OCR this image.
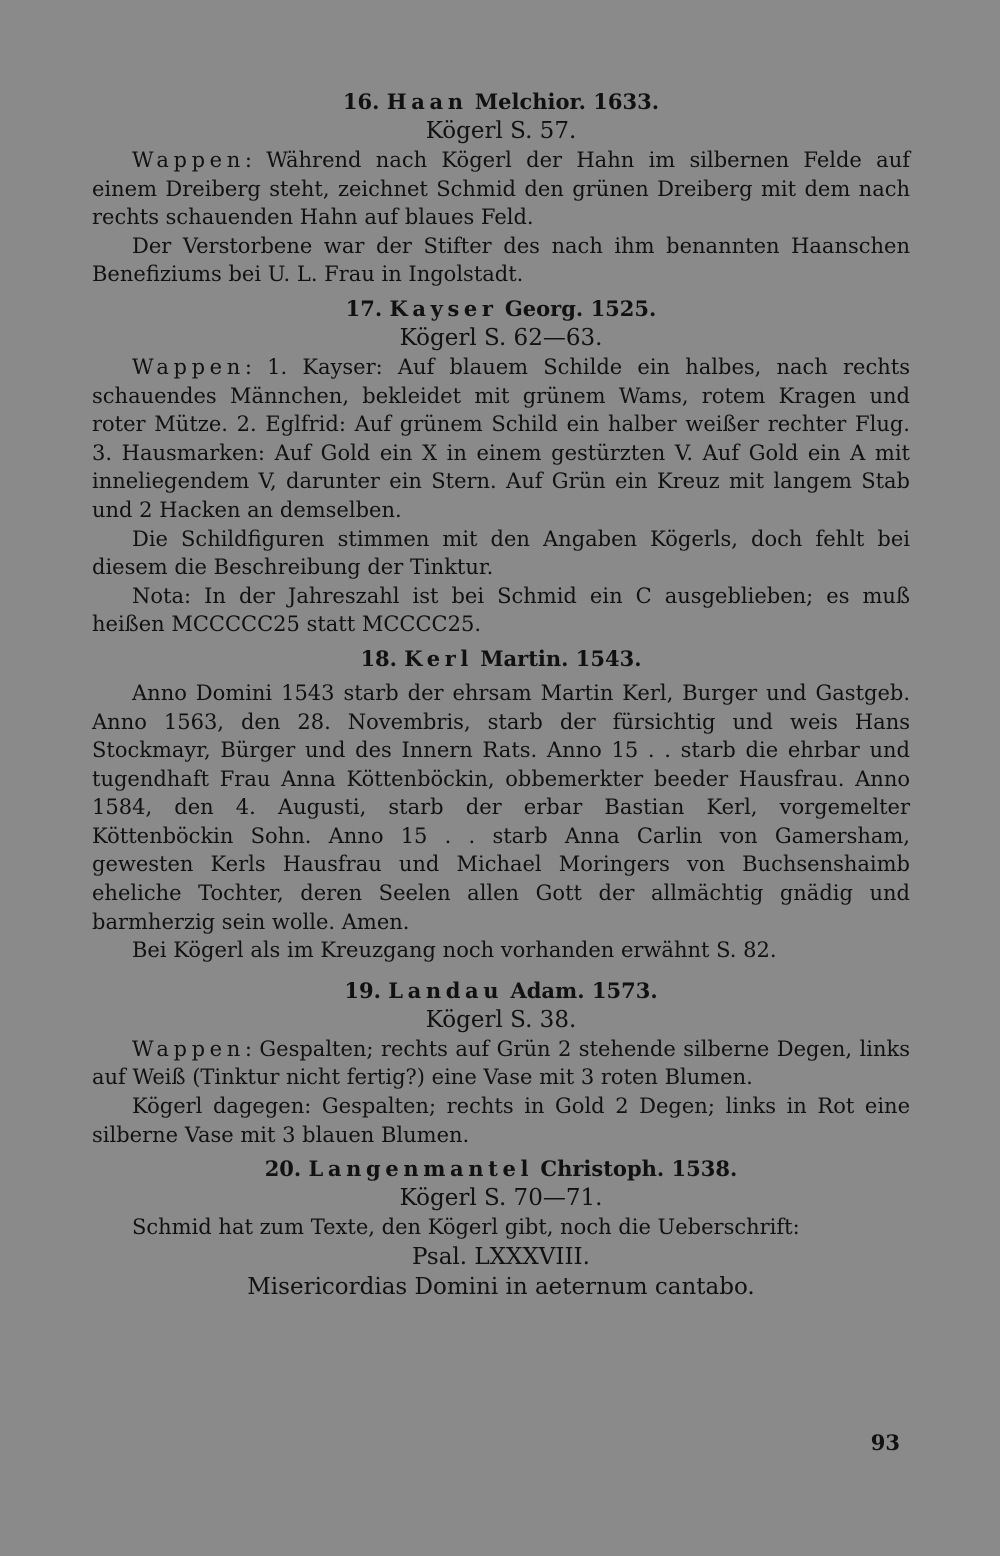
16. Haan Melchior. 1633.
Kögerl S. 57.

Wappen: Während nach Kögerl der Hahn im silbernen Felde auf einem Dreiberg steht, zeichnet Schmid den grünen Dreiberg mit dem nach rechts schauenden Hahn auf blaues Feld.

Der Verstorbene war der Stifter des nach ihm benannten Haanschen Benefiziums bei U. L. Frau in Ingolstadt.

17. Kayser Georg. 1525.
Kögerl S. 62—63.

Wappen: 1. Kayser: Auf blauem Schilde ein halbes, nach rechts schauendes Männchen, bekleidet mit grünem Wams, rotem Kragen und roter Mütze. 2. Eglfrid: Auf grünem Schild ein halber weißer rechter Flug. 3. Hausmarken: Auf Gold ein X in einem gestürzten V. Auf Gold ein A mit inneliegendem V, darunter ein Stern. Auf Grün ein Kreuz mit langem Stab und 2 Hacken an demselben.

Die Schildfiguren stimmen mit den Angaben Kögerls, doch fehlt bei diesem die Beschreibung der Tinktur.

Nota: In der Jahreszahl ist bei Schmid ein C ausgeblieben; es muß heißen MCCCCC25 statt MCCCC25.

18. Kerl Martin. 1543.

Anno Domini 1543 starb der ehrsam Martin Kerl, Burger und Gastgeb. Anno 1563, den 28. Novembris, starb der fürsichtig und weis Hans Stockmayr, Bürger und des Innern Rats. Anno 15 . . starb die ehrbar und tugendhaft Frau Anna Köttenböckin, obbemerkter beeder Hausfrau. Anno 1584, den 4. Augusti, starb der erbar Bastian Kerl, vorgemelter Köttenböckin Sohn. Anno 15 . . starb Anna Carlin von Gamersham, gewesten Kerls Hausfrau und Michael Moringers von Buchsenshaimb eheliche Tochter, deren Seelen allen Gott der allmächtig gnädig und barmherzig sein wolle. Amen.

Bei Kögerl als im Kreuzgang noch vorhanden erwähnt S. 82.

19. Landau Adam. 1573.
Kögerl S. 38.

Wappen: Gespalten; rechts auf Grün 2 stehende silberne Degen, links auf Weiß (Tinktur nicht fertig?) eine Vase mit 3 roten Blumen.

Kögerl dagegen: Gespalten; rechts in Gold 2 Degen; links in Rot eine silberne Vase mit 3 blauen Blumen.

20. Langenmantel Christoph. 1538.
Kögerl S. 70—71.

Schmid hat zum Texte, den Kögerl gibt, noch die Ueberschrift:

Psal. LXXXVIII.
Misericordias Domini in aeternum cantabo.
93
